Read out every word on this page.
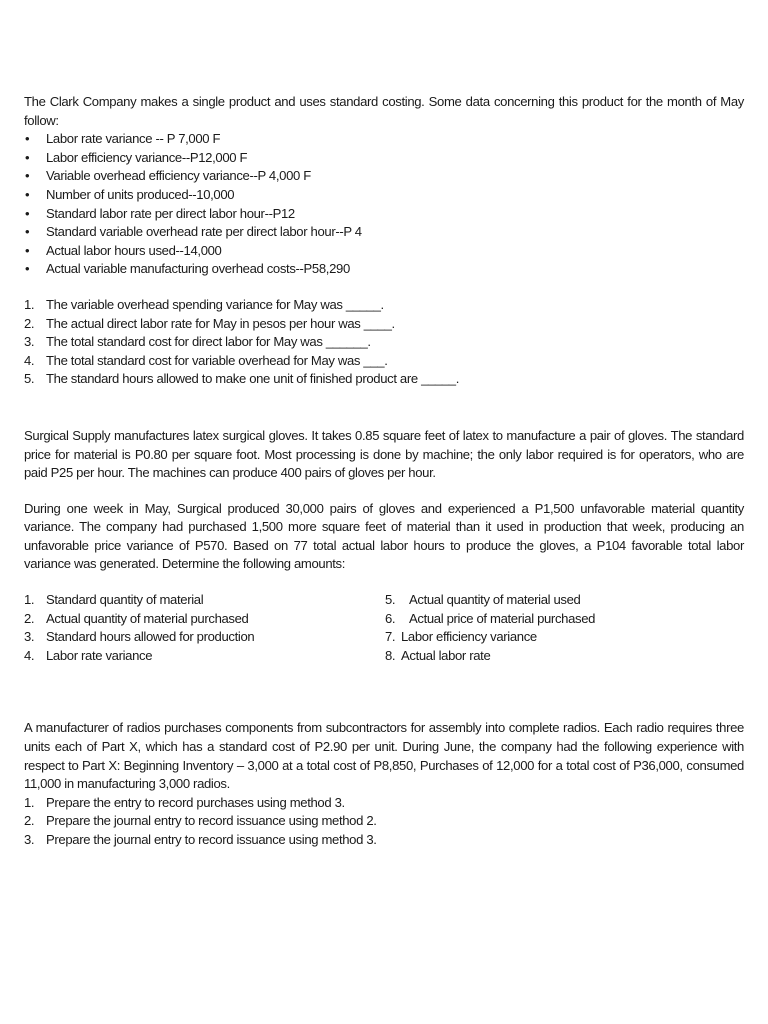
The Clark Company makes a single product and uses standard costing. Some data concerning this product for the month of May follow:

• Labor rate variance -- P 7,000 F
• Labor efficiency variance--P12,000 F
• Variable overhead efficiency variance--P 4,000 F
• Number of units produced--10,000
• Standard labor rate per direct labor hour--P12
• Standard variable overhead rate per direct labor hour--P 4
• Actual labor hours used--14,000
• Actual variable manufacturing overhead costs--P58,290
1. The variable overhead spending variance for May was _____.
2. The actual direct labor rate for May in pesos per hour was ____.
3. The total standard cost for direct labor for May was ______.
4. The total standard cost for variable overhead for May was ___.
5. The standard hours allowed to make one unit of finished product are _____.

Surgical Supply manufactures latex surgical gloves. It takes 0.85 square feet of latex to manufacture a pair of gloves. The standard price for material is P0.80 per square foot. Most processing is done by machine; the only labor required is for operators, who are paid P25 per hour. The machines can produce 400 pairs of gloves per hour.

During one week in May, Surgical produced 30,000 pairs of gloves and experienced a P1,500 unfavorable material quantity variance. The company had purchased 1,500 more square feet of material than it used in production that week, producing an unfavorable price variance of P570. Based on 77 total actual labor hours to produce the gloves, a P104 favorable total labor variance was generated. Determine the following amounts:

1. Standard quantity of material
2. Actual quantity of material purchased
3. Standard hours allowed for production
4. Labor rate variance
5.	Actual quantity of material used
6.	Actual price of material purchased
7. Labor efficiency variance
8. Actual labor rate

A manufacturer of radios purchases components from subcontractors for assembly into complete radios. Each radio requires three units each of Part X, which has a standard cost of P2.90 per unit. During June, the company had the following experience with respect to Part X: Beginning Inventory – 3,000 at a total cost of P8,850, Purchases of 12,000 for a total cost of P36,000, consumed 11,000 in manufacturing 3,000 radios.

1. Prepare the entry to record purchases using method 3.
2. Prepare the journal entry to record issuance using method 2.
3. Prepare the journal entry to record issuance using method 3.
